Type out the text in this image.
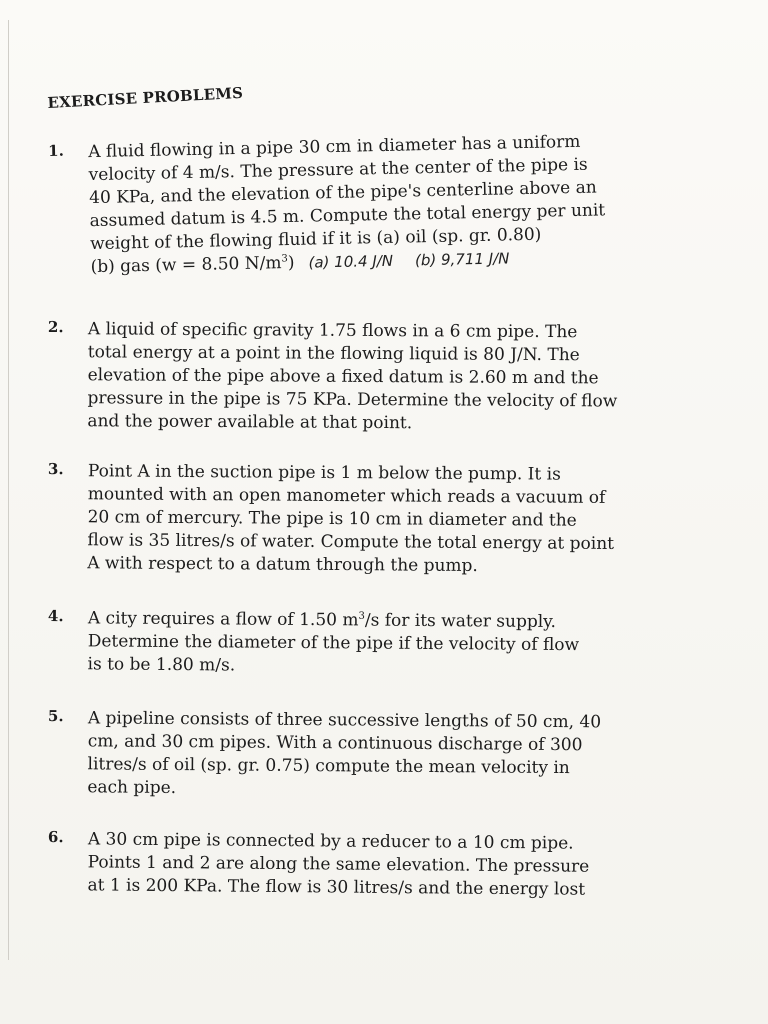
EXERCISE PROBLEMS
1. A fluid flowing in a pipe 30 cm in diameter has a uniform
velocity of 4 m/s. The pressure at the center of the pipe is
40 KPa, and the elevation of the pipe's centerline above an
assumed datum is 4.5 m. Compute the total energy per unit
weight of the flowing fluid if it is (a) oil (sp. gr. 0.80)
(b) gas (w = 8.50 $N/m^3$) (a) 10.4 J/N (b) 9,711 J/N
2. A liquid of specific gravity 1.75 flows in a 6 cm pipe. The
total energy at a point in the flowing liquid is 80 J/N. The
elevation of the pipe above a fixed datum is 2.60 m and the
pressure in the pipe is 75 KPa. Determine the velocity of flow
and the power available at that point.
3. Point A in the suction pipe is 1 m below the pump. It is
mounted with an open manometer which reads a vacuum of
20 cm of mercury. The pipe is 10 cm in diameter and the
flow is 35 litres/s of water. Compute the total energy at point
A with respect to a datum through the pump.
4. A city requires a flow of 1.50 $m^3/s$ for its water supply.
Determine the diameter of the pipe if the velocity of flow
is to be 1.80 m/s.
5. A pipeline consists of three successive lengths of 50 cm, 40
cm, and 30 cm pipes. With a continuous discharge of 300
litres/s of oil (sp. gr. 0.75) compute the mean velocity in
each pipe.
6. A 30 cm pipe is connected by a reducer to a 10 cm pipe.
Points 1 and 2 are along the same elevation. The pressure
at 1 is 200 KPa. The flow is 30 litres/s and the energy lost
